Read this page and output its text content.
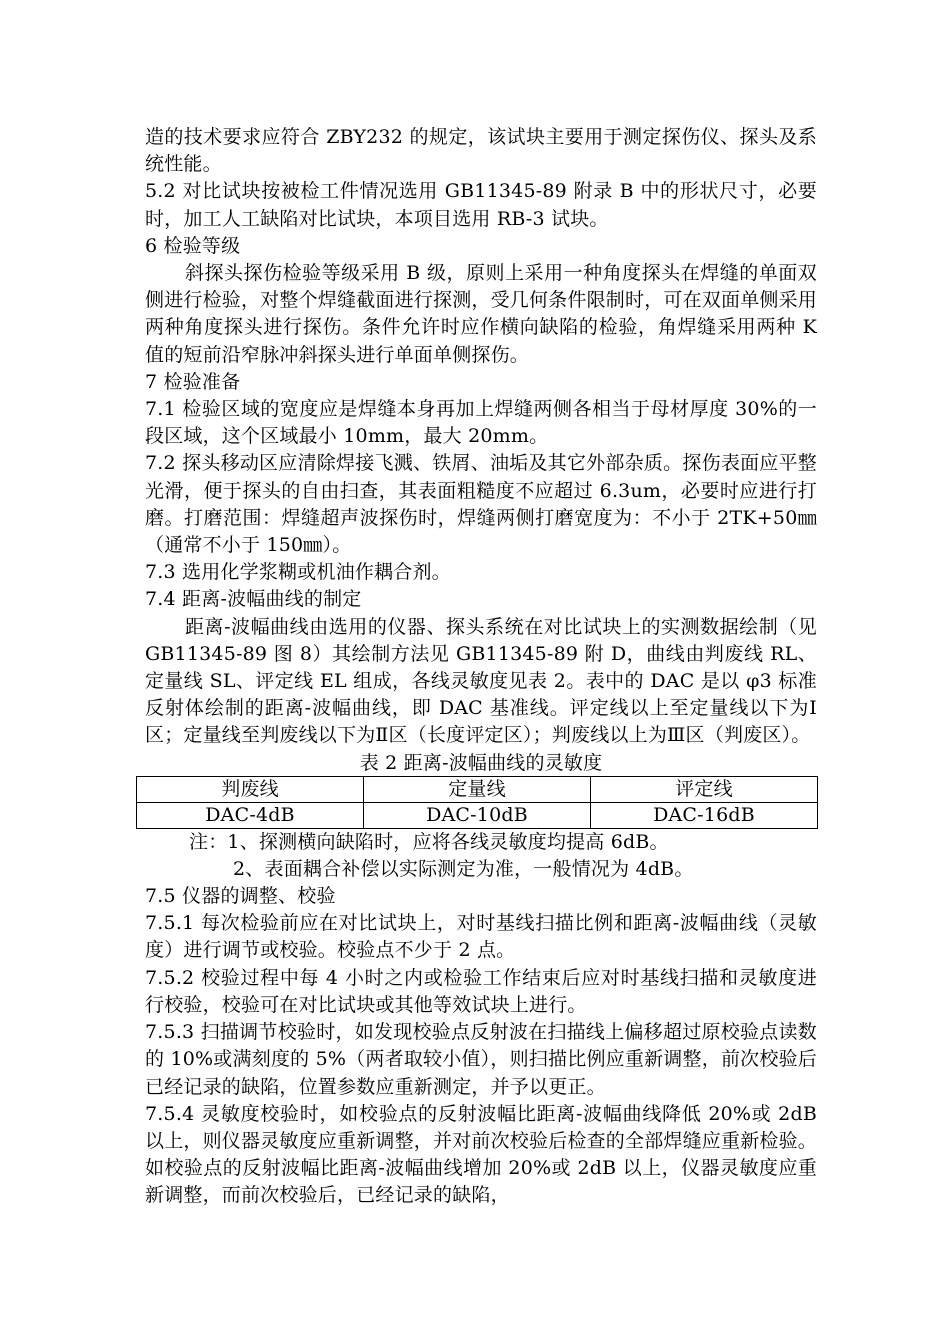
造的技术要求应符合 ZBY232 的规定，该试块主要用于测定探伤仪、探头及系统性能。

5.2 对比试块按被检工件情况选用 GB11345-89 附录 B 中的形状尺寸，必要时，加工人工缺陷对比试块，本项目选用 RB-3 试块。

6 检验等级

斜探头探伤检验等级采用 B 级，原则上采用一种角度探头在焊缝的单面双侧进行检验，对整个焊缝截面进行探测，受几何条件限制时，可在双面单侧采用两种角度探头进行探伤。条件允许时应作横向缺陷的检验，角焊缝采用两种 K 值的短前沿窄脉冲斜探头进行单面单侧探伤。

7 检验准备

7.1 检验区域的宽度应是焊缝本身再加上焊缝两侧各相当于母材厚度 30%的一段区域，这个区域最小 10mm，最大 20mm。

7.2 探头移动区应清除焊接飞溅、铁屑、油垢及其它外部杂质。探伤表面应平整光滑，便于探头的自由扫查，其表面粗糙度不应超过 6.3um，必要时应进行打磨。打磨范围：焊缝超声波探伤时，焊缝两侧打磨宽度为：不小于 2TK+50㎜（通常不小于 150㎜）。

7.3 选用化学浆糊或机油作耦合剂。

7.4 距离-波幅曲线的制定

距离-波幅曲线由选用的仪器、探头系统在对比试块上的实测数据绘制（见 GB11345-89 图 8）其绘制方法见 GB11345-89 附 D，曲线由判废线 RL、定量线 SL、评定线 EL 组成，各线灵敏度见表 2。表中的 DAC 是以 φ3 标准反射体绘制的距离-波幅曲线，即 DAC 基准线。评定线以上至定量线以下为Ⅰ区；定量线至判废线以下为Ⅱ区（长度评定区）；判废线以上为Ⅲ区（判废区）。

表 2 距离-波幅曲线的灵敏度

判废线	定量线	评定线
DAC-4dB	DAC-10dB	DAC-16dB

注：1、探测横向缺陷时，应将各线灵敏度均提高 6dB。

2、表面耦合补偿以实际测定为准，一般情况为 4dB。

7.5 仪器的调整、校验

7.5.1 每次检验前应在对比试块上，对时基线扫描比例和距离-波幅曲线（灵敏度）进行调节或校验。校验点不少于 2 点。

7.5.2 校验过程中每 4 小时之内或检验工作结束后应对时基线扫描和灵敏度进行校验，校验可在对比试块或其他等效试块上进行。

7.5.3 扫描调节校验时，如发现校验点反射波在扫描线上偏移超过原校验点读数的 10%或满刻度的 5%（两者取较小值），则扫描比例应重新调整，前次校验后已经记录的缺陷，位置参数应重新测定，并予以更正。

7.5.4 灵敏度校验时，如校验点的反射波幅比距离-波幅曲线降低 20%或 2dB 以上，则仪器灵敏度应重新调整，并对前次校验后检查的全部焊缝应重新检验。如校验点的反射波幅比距离-波幅曲线增加 20%或 2dB 以上，仪器灵敏度应重新调整，而前次校验后，已经记录的缺陷，
